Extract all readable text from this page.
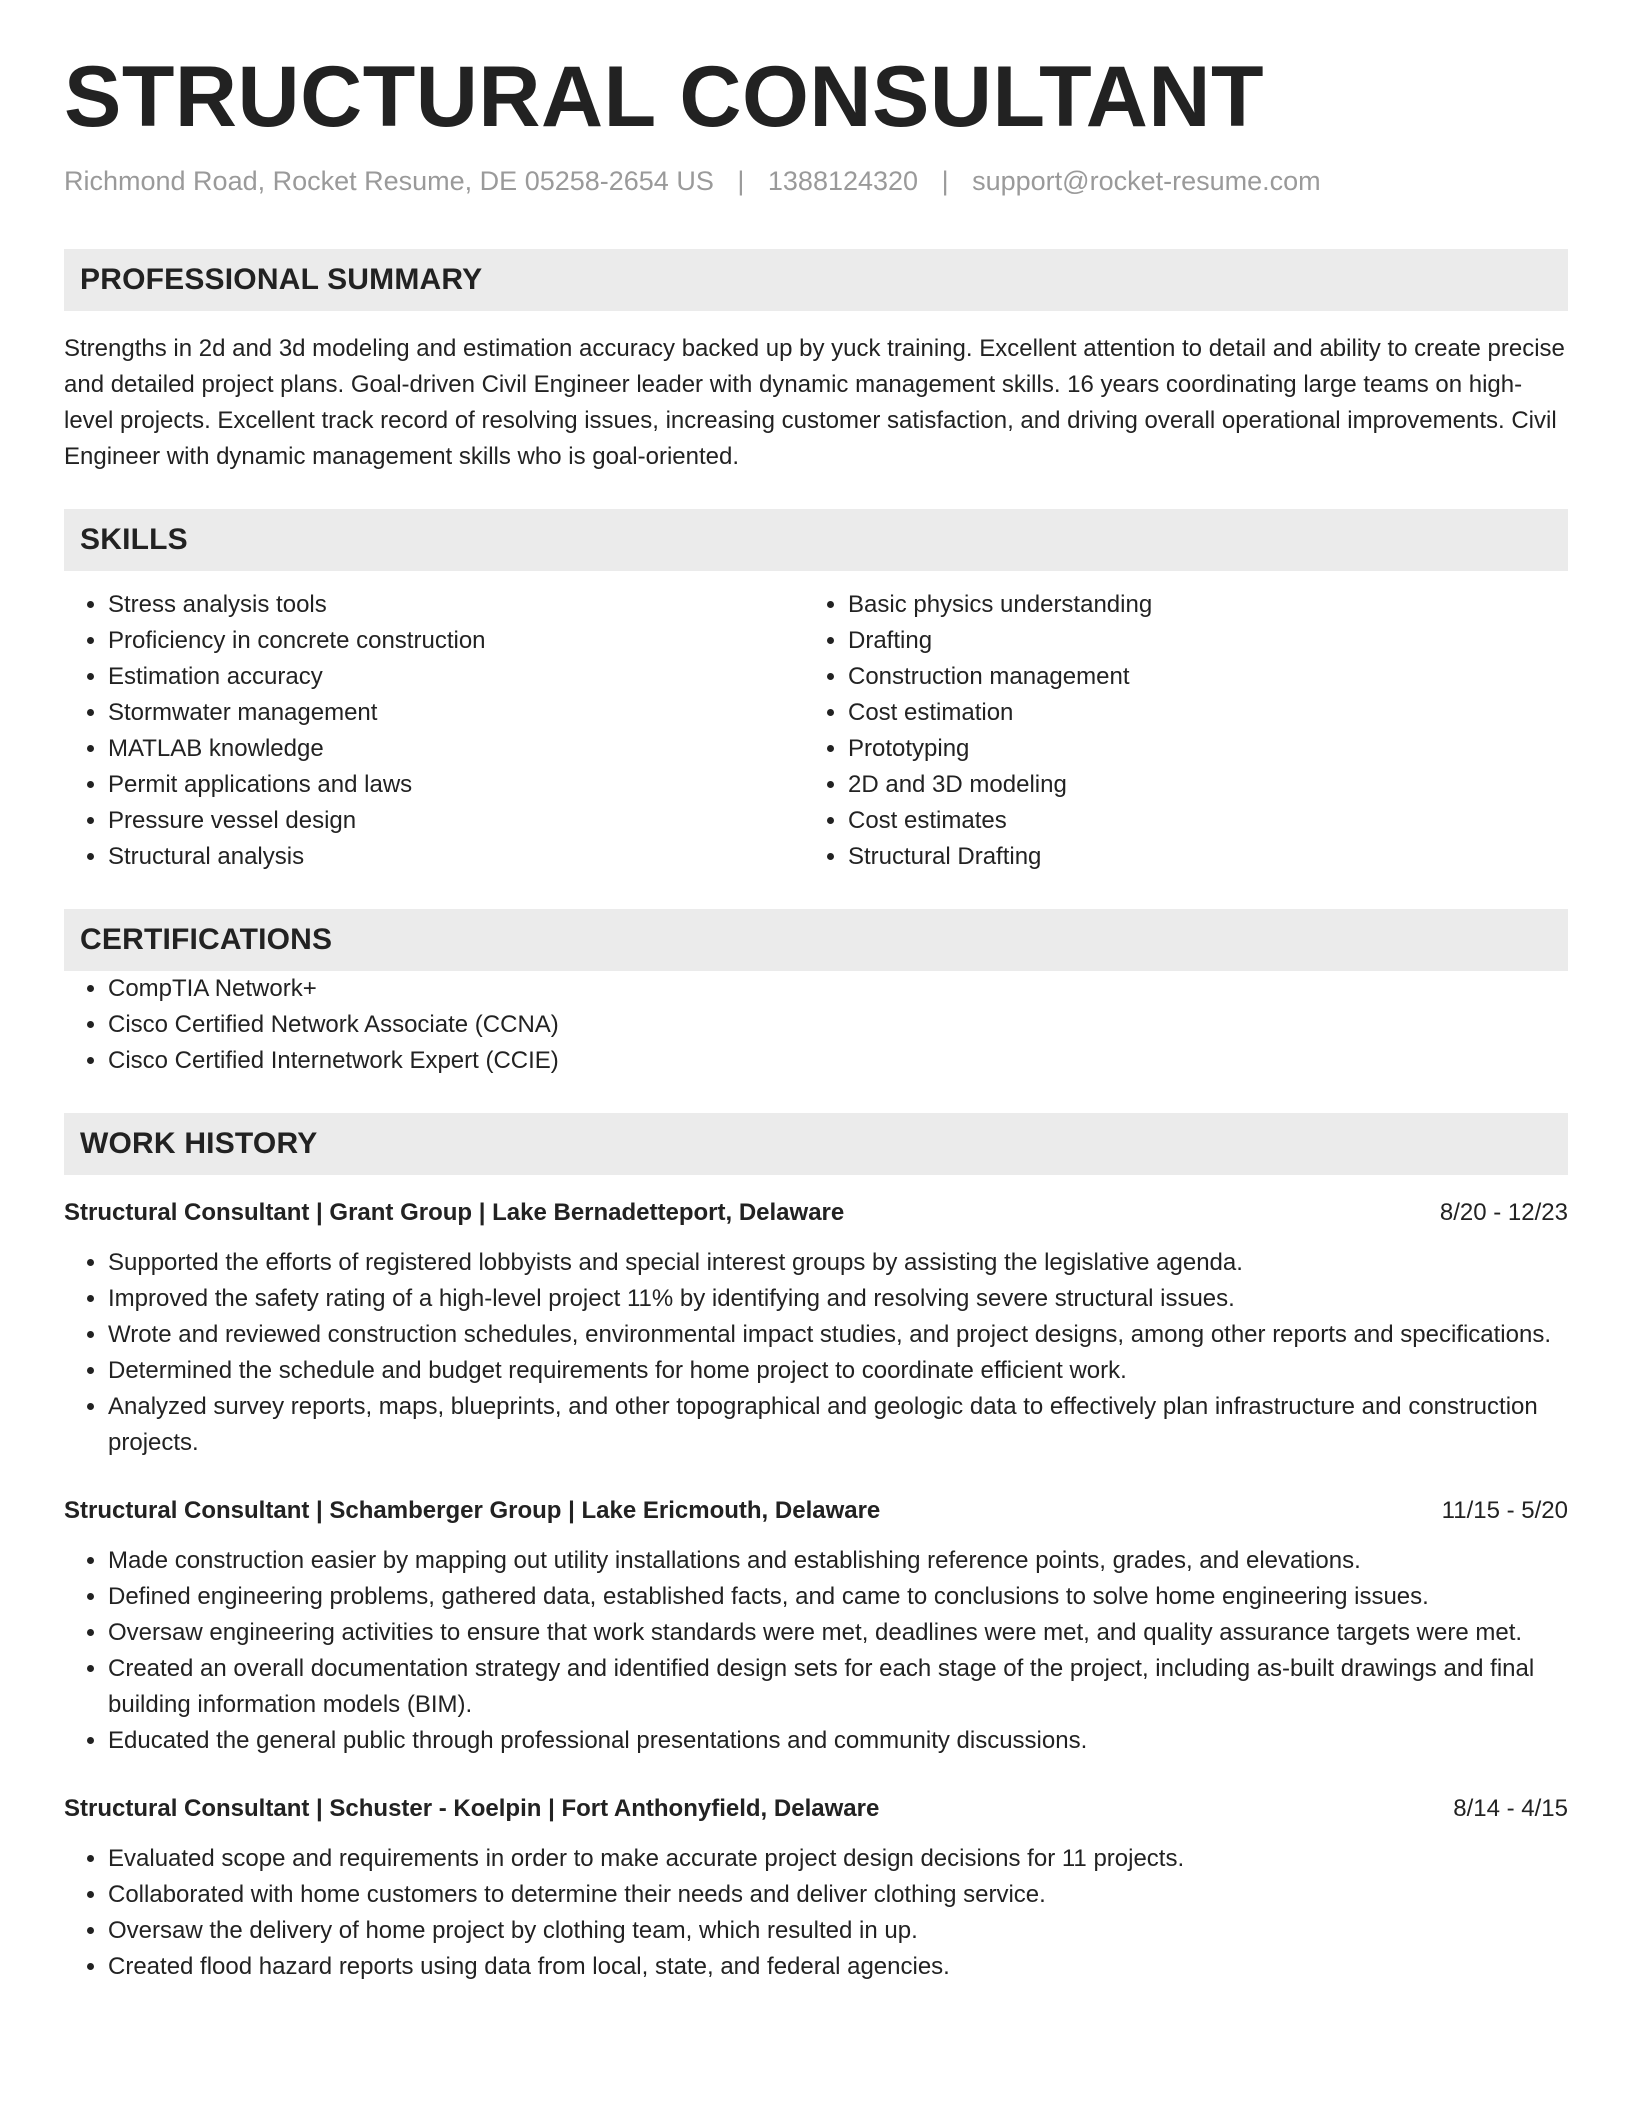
STRUCTURAL CONSULTANT
Richmond Road, Rocket Resume, DE 05258-2654 US | 1388124320 | support@rocket-resume.com
PROFESSIONAL SUMMARY

Strengths in 2d and 3d modeling and estimation accuracy backed up by yuck training. Excellent attention to detail and ability to create precise and detailed project plans. Goal-driven Civil Engineer leader with dynamic management skills. 16 years coordinating large teams on high-level projects. Excellent track record of resolving issues, increasing customer satisfaction, and driving overall operational improvements. Civil Engineer with dynamic management skills who is goal-oriented.

SKILLS
• Stress analysis tools
• Proficiency in concrete construction
• Estimation accuracy
• Stormwater management
• MATLAB knowledge
• Permit applications and laws
• Pressure vessel design
• Structural analysis
• Basic physics understanding
• Drafting
• Construction management
• Cost estimation
• Prototyping
• 2D and 3D modeling
• Cost estimates
• Structural Drafting
CERTIFICATIONS
• CompTIA Network+
• Cisco Certified Network Associate (CCNA)
• Cisco Certified Internetwork Expert (CCIE)
WORK HISTORY
Structural Consultant | Grant Group | Lake Bernadetteport, Delaware	8/20 - 12/23
• Supported the efforts of registered lobbyists and special interest groups by assisting the legislative agenda.
• Improved the safety rating of a high-level project 11% by identifying and resolving severe structural issues.
• Wrote and reviewed construction schedules, environmental impact studies, and project designs, among other reports and specifications.
• Determined the schedule and budget requirements for home project to coordinate efficient work.
• Analyzed survey reports, maps, blueprints, and other topographical and geologic data to effectively plan infrastructure and construction projects.
Structural Consultant | Schamberger Group | Lake Ericmouth, Delaware	11/15 - 5/20
• Made construction easier by mapping out utility installations and establishing reference points, grades, and elevations.
• Defined engineering problems, gathered data, established facts, and came to conclusions to solve home engineering issues.
• Oversaw engineering activities to ensure that work standards were met, deadlines were met, and quality assurance targets were met.
• Created an overall documentation strategy and identified design sets for each stage of the project, including as-built drawings and final building information models (BIM).
• Educated the general public through professional presentations and community discussions.
Structural Consultant | Schuster - Koelpin | Fort Anthonyfield, Delaware	8/14 - 4/15
• Evaluated scope and requirements in order to make accurate project design decisions for 11 projects.
• Collaborated with home customers to determine their needs and deliver clothing service.
• Oversaw the delivery of home project by clothing team, which resulted in up.
• Created flood hazard reports using data from local, state, and federal agencies.
